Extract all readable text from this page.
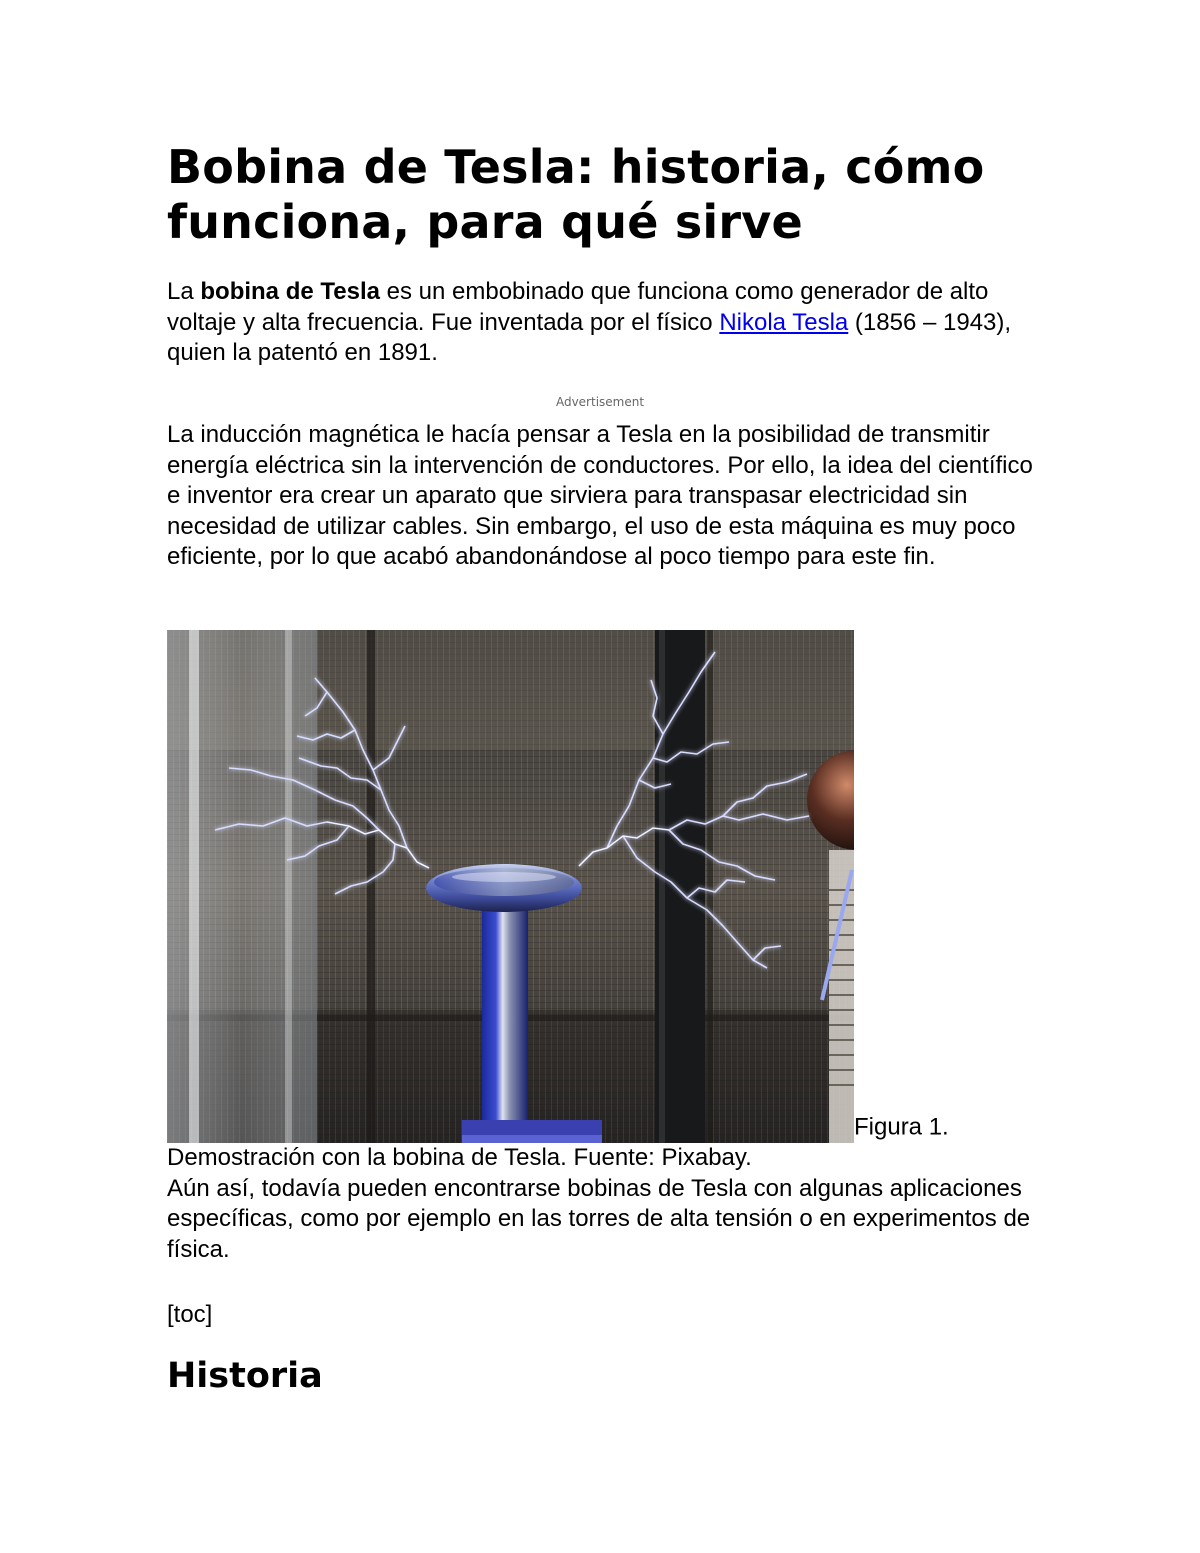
Bobina de Tesla: historia, cómo funciona, para qué sirve

La bobina de Tesla es un embobinado que funciona como generador de alto voltaje y alta frecuencia. Fue inventada por el físico Nikola Tesla (1856 – 1943), quien la patentó en 1891.

Advertisement

La inducción magnética le hacía pensar a Tesla en la posibilidad de transmitir energía eléctrica sin la intervención de conductores. Por ello, la idea del científico e inventor era crear un aparato que sirviera para transpasar electricidad sin necesidad de utilizar cables. Sin embargo, el uso de esta máquina es muy poco eficiente, por lo que acabó abandonándose al poco tiempo para este fin.

Figura 1.
Demostración con la bobina de Tesla. Fuente: Pixabay.
Aún así, todavía pueden encontrarse bobinas de Tesla con algunas aplicaciones específicas, como por ejemplo en las torres de alta tensión o en experimentos de física.

[toc]

Historia
